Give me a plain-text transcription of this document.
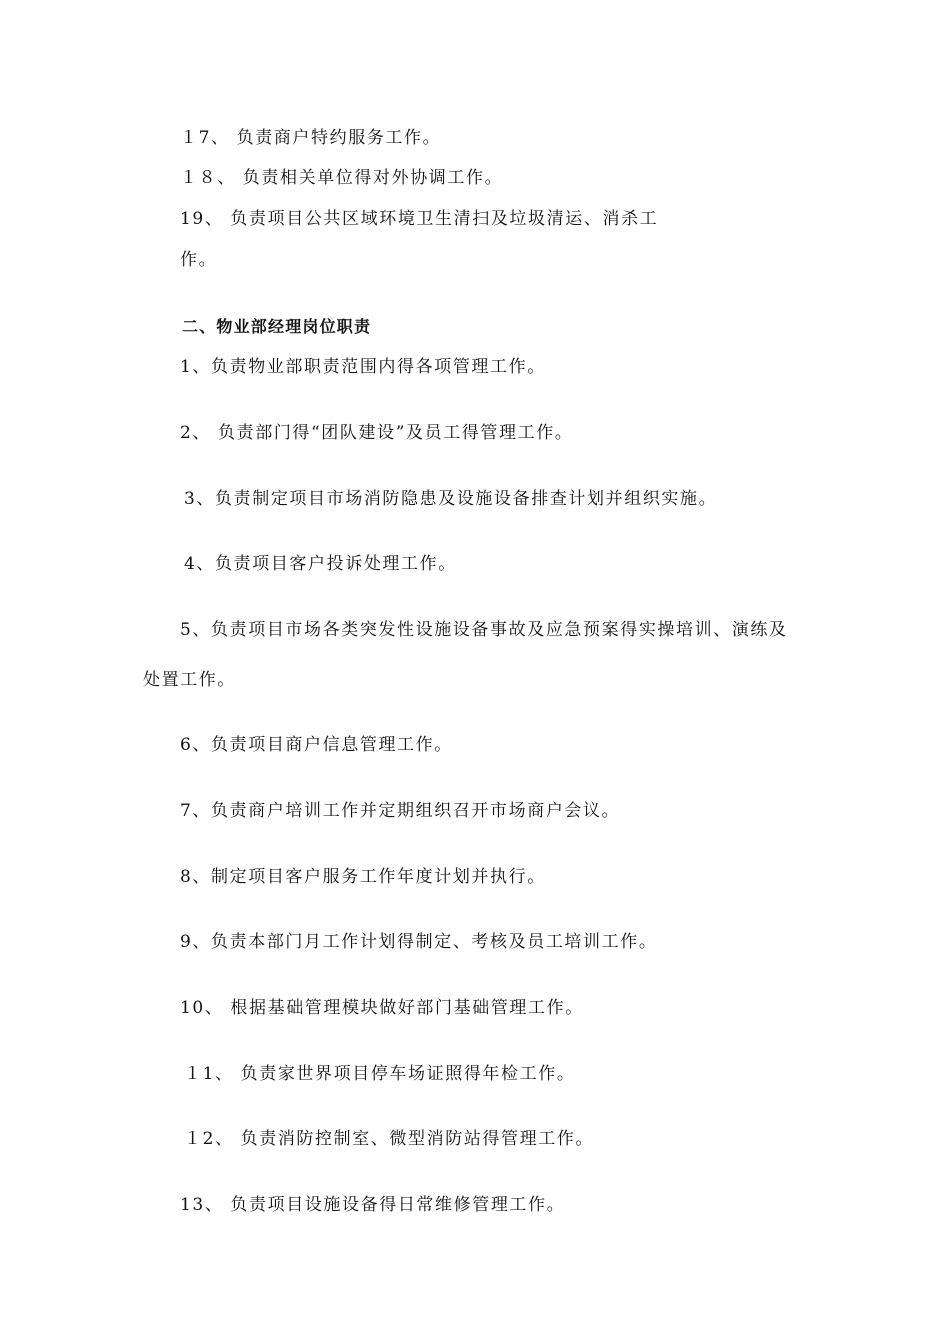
１7、 负责商户特约服务工作。
１８、 负责相关单位得对外协调工作。
19、 负责项目公共区域环境卫生清扫及垃圾清运、消杀工
作。
二、物业部经理岗位职责
1、负责物业部职责范围内得各项管理工作。
2、 负责部门得“团队建设”及员工得管理工作。
3、负责制定项目市场消防隐患及设施设备排查计划并组织实施。
4、负责项目客户投诉处理工作。
5、负责项目市场各类突发性设施设备事故及应急预案得实操培训、演练及
处置工作。
6、负责项目商户信息管理工作。
7、负责商户培训工作并定期组织召开市场商户会议。
8、制定项目客户服务工作年度计划并执行。
9、负责本部门月工作计划得制定、考核及员工培训工作。
10、 根据基础管理模块做好部门基础管理工作。
１1、 负责家世界项目停车场证照得年检工作。
１2、 负责消防控制室、微型消防站得管理工作。
13、 负责项目设施设备得日常维修管理工作。
